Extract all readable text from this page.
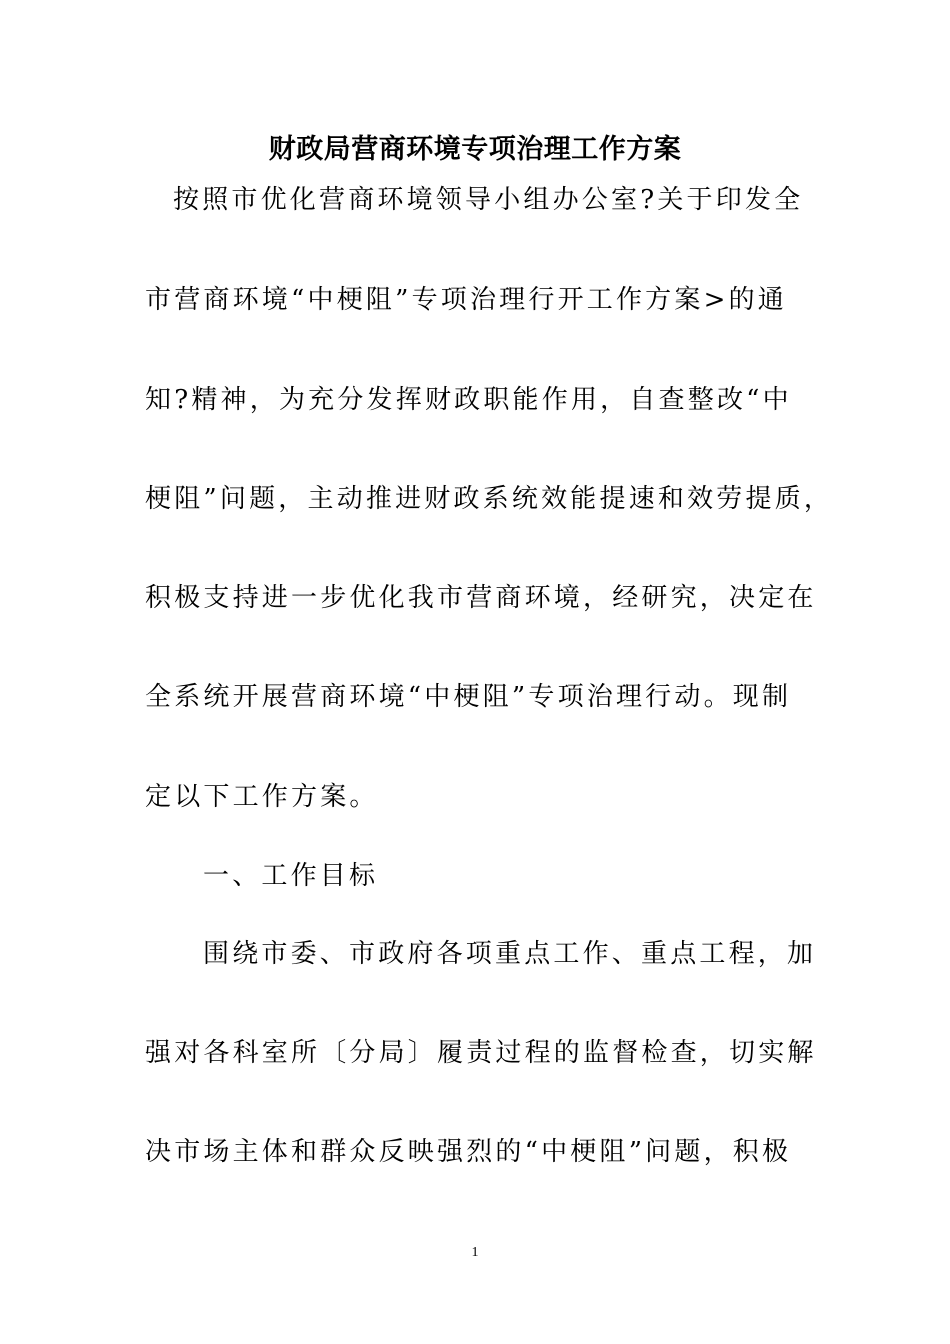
财政局营商环境专项治理工作方案
按照市优化营商环境领导小组办公室?关于印发全
市营商环境“中梗阻”专项治理行开工作方案>的通
知?精神，为充分发挥财政职能作用，自查整改“中
梗阻”问题，主动推进财政系统效能提速和效劳提质，
积极支持进一步优化我市营商环境，经研究，决定在
全系统开展营商环境“中梗阻”专项治理行动。现制
定以下工作方案。
一、工作目标
围绕市委、市政府各项重点工作、重点工程，加
强对各科室所〔分局〕履责过程的监督检查，切实解
决市场主体和群众反映强烈的“中梗阻”问题，积极
1
